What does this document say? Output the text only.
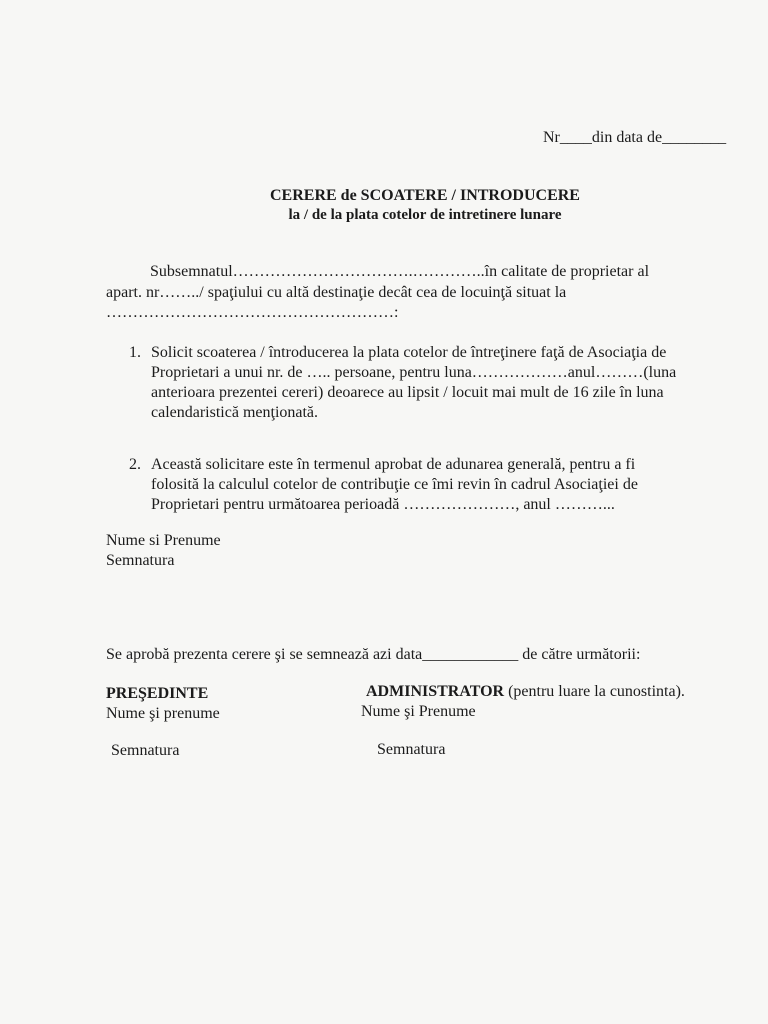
Nr____din data de________
CERERE de SCOATERE / INTRODUCERE
la / de la plata cotelor de intretinere lunare
Subsemnatul…………………………….…………..în calitate de proprietar al
apart. nr……../ spaţiului cu altă destinaţie decât cea de locuinţă situat la
………………………………………………:
1. Solicit scoaterea / întroducerea la plata cotelor de întreţinere faţă de Asociaţia de
Proprietari a unui nr. de ….. persoane, pentru luna………………anul………(luna
anterioara prezentei cereri) deoarece au lipsit / locuit mai mult de 16 zile în luna
calendaristică menţionată.
2. Această solicitare este în termenul aprobat de adunarea generală, pentru a fi
folosită la calculul cotelor de contribuţie ce îmi revin în cadrul Asociaţiei de
Proprietari pentru următoarea perioadă …………………, anul ………...
Nume si Prenume
Semnatura
Se aprobă prezenta cerere şi se semnează azi data____________ de către următorii:
PREŞEDINTE
Nume şi prenume
Semnatura
ADMINISTRATOR (pentru luare la cunostinta).
Nume şi Prenume
Semnatura
